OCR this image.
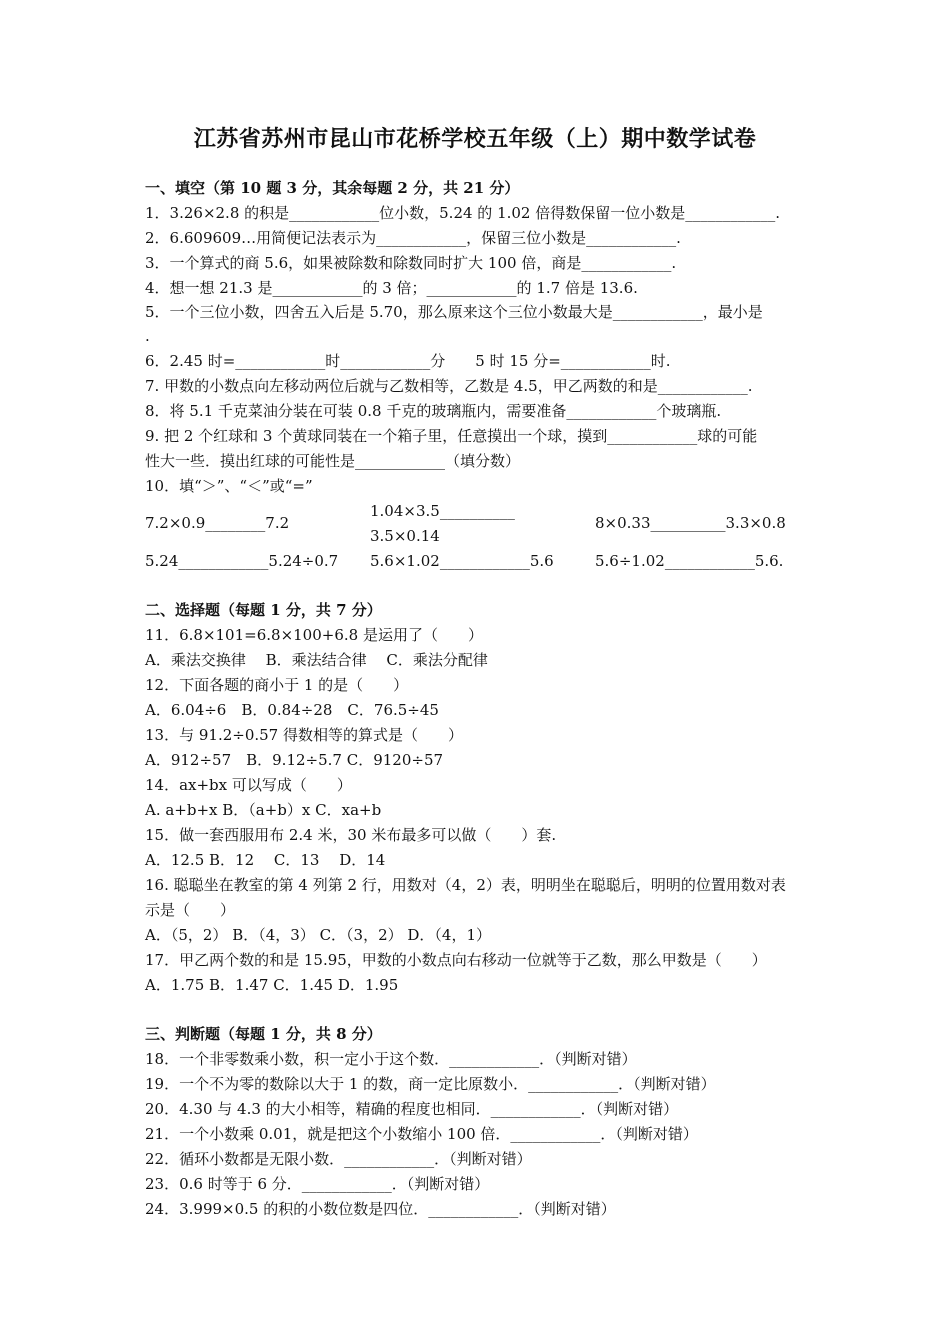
江苏省苏州市昆山市花桥学校五年级（上）期中数学试卷
一、填空（第 10 题 3 分，其余每题 2 分，共 21 分）
1．3.26×2.8 的积是____________位小数，5.24 的 1.02 倍得数保留一位小数是____________.
2．6.609609…用简便记法表示为____________，保留三位小数是____________.
3．一个算式的商 5.6，如果被除数和除数同时扩大 100 倍，商是____________.
4．想一想 21.3 是____________的 3 倍；____________的 1.7 倍是 13.6.
5．一个三位小数，四舍五入后是 5.70，那么原来这个三位小数最大是____________，最小是
.
6．2.45 时=____________时____________分　　5 时 15 分=____________时.
7. 甲数的小数点向左移动两位后就与乙数相等，乙数是 4.5，甲乙两数的和是____________.
8．将 5.1 千克菜油分装在可装 0.8 千克的玻璃瓶内，需要准备____________个玻璃瓶.
9. 把 2 个红球和 3 个黄球同装在一个箱子里，任意摸出一个球，摸到____________球的可能
性大一些．摸出红球的可能性是____________（填分数）
10．填“＞”、“＜”或“=”
7.2×0.9________7.2
1.04×3.5__________
3.5×0.14
8×0.33__________3.3×0.8
5.24____________5.24÷0.7 5.6×1.02____________5.6	5.6÷1.02____________5.6.
二、选择题（每题 1 分，共 7 分）
11．6.8×101=6.8×100+6.8 是运用了（　　）
A．乘法交换律　 B．乘法结合律　 C．乘法分配律
12．下面各题的商小于 1 的是（　　）
A．6.04÷6　B．0.84÷28　C．76.5÷45
13．与 91.2÷0.57 得数相等的算式是（　　）
A．912÷57　B．9.12÷5.7 C．9120÷57
14．ax+bx 可以写成（　　）
A. a+b+x B．（a+b）x C．xa+b
15．做一套西服用布 2.4 米，30 米布最多可以做（　　）套.
A．12.5 B．12　 C．13　 D．14
16. 聪聪坐在教室的第 4 列第 2 行，用数对（4，2）表，明明坐在聪聪后，明明的位置用数对表
示是（　　）
A．（5，2） B．（4，3） C．（3，2） D．（4，1）
17．甲乙两个数的和是 15.95，甲数的小数点向右移动一位就等于乙数，那么甲数是（　　）
A．1.75 B．1.47 C．1.45 D．1.95
三、判断题（每题 1 分，共 8 分）
18．一个非零数乘小数，积一定小于这个数．____________．（判断对错）
19．一个不为零的数除以大于 1 的数，商一定比原数小．____________．（判断对错）
20．4.30 与 4.3 的大小相等，精确的程度也相同．____________．（判断对错）
21．一个小数乘 0.01，就是把这个小数缩小 100 倍．____________．（判断对错）
22．循环小数都是无限小数．____________．（判断对错）
23．0.6 时等于 6 分．____________．（判断对错）
24．3.999×0.5 的积的小数位数是四位．____________．（判断对错）
